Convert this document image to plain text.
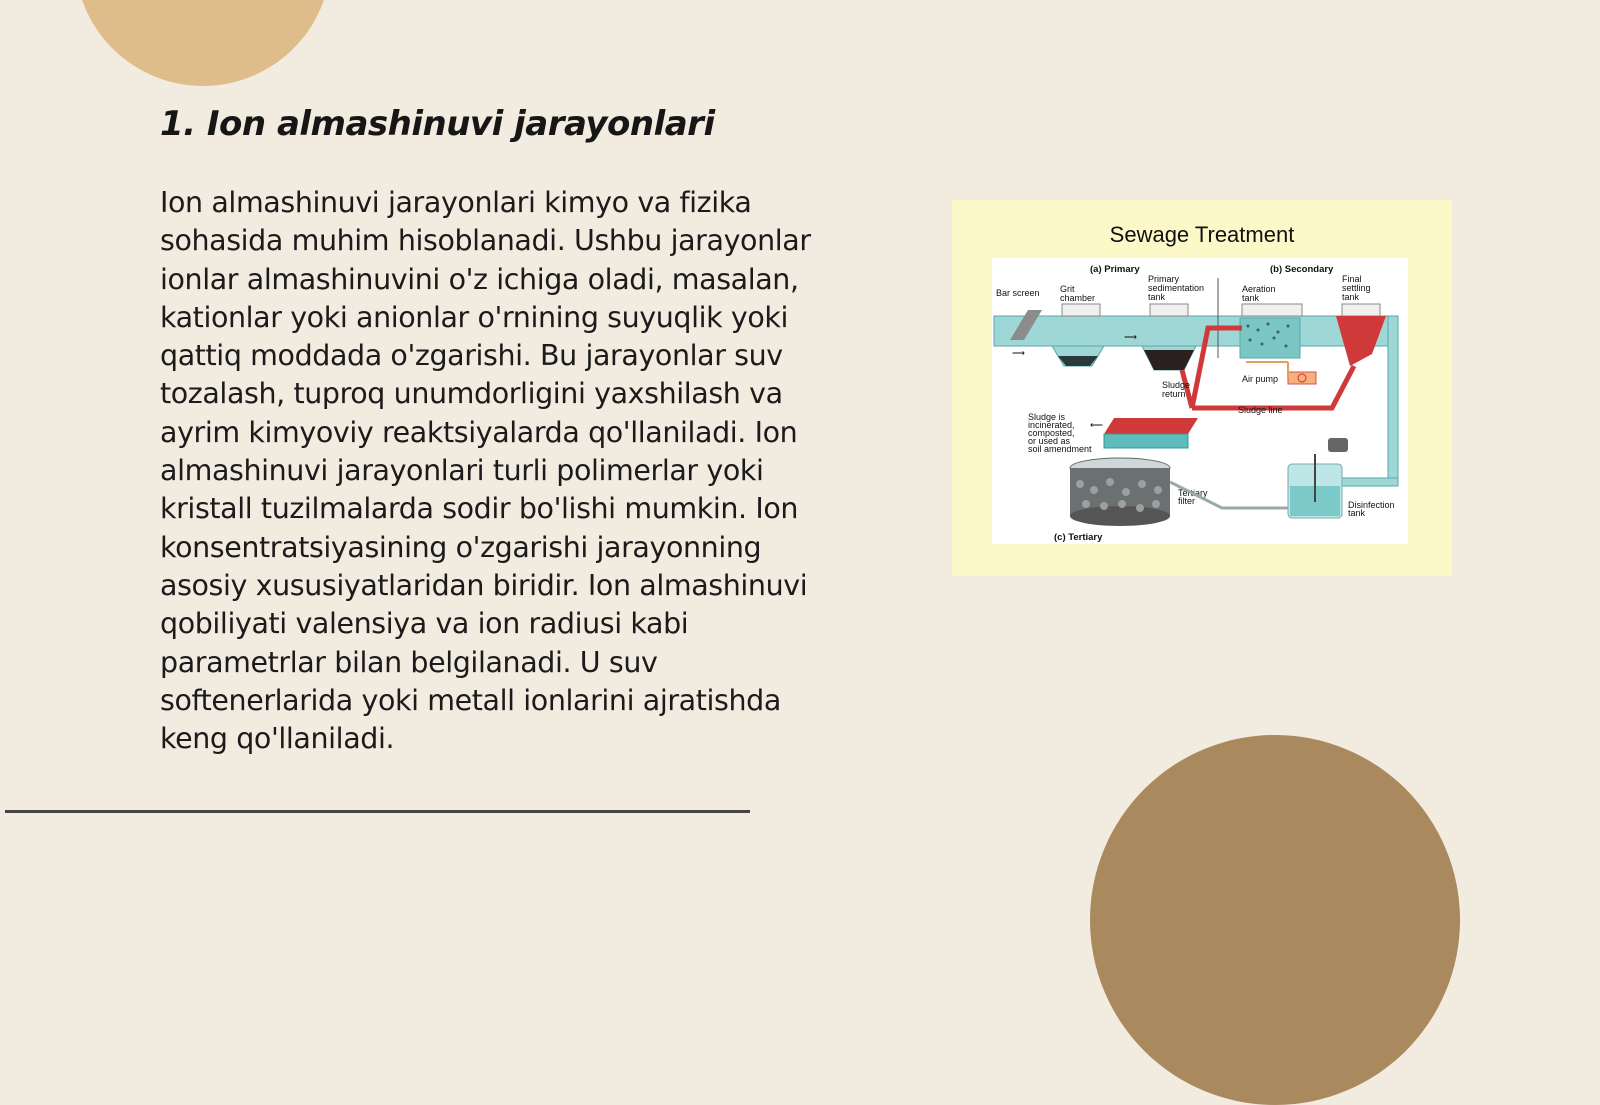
1. Ion almashinuvi jarayonlari

Ion almashinuvi jarayonlari kimyo va fizika sohasida muhim hisoblanadi. Ushbu jarayonlar ionlar almashinuvini o'z ichiga oladi, masalan, kationlar yoki anionlar o'rnining suyuqlik yoki qattiq moddada o'zgarishi. Bu jarayonlar suv tozalash, tuproq unumdorligini yaxshilash va ayrim kimyoviy reaktsiyalarda qo'llaniladi. Ion almashinuvi jarayonlari turli polimerlar yoki kristall tuzilmalarda sodir bo'lishi mumkin. Ion konsentratsiyasining o'zgarishi jarayonning asosiy xususiyatlaridan biridir. Ion almashinuvi qobiliyati valensiya va ion radiusi kabi parametrlar bilan belgilanadi. U suv softenerlarida yoki metall ionlarini ajratishda keng qo'llaniladi.

Sewage Treatment
(a) Primary	(b) Secondary
Bar screen
⟶
⟶
Grit
chamber
Primary
sedimentation
tank
Aeration
tank
Air pump
Final
settling
tank
Sludge
return
Sludge line
⟵
Sludge is
incinerated,
composted,
or used as
soil amendment
Tertiary
filter	Disinfection
tank
(c) Tertiary
